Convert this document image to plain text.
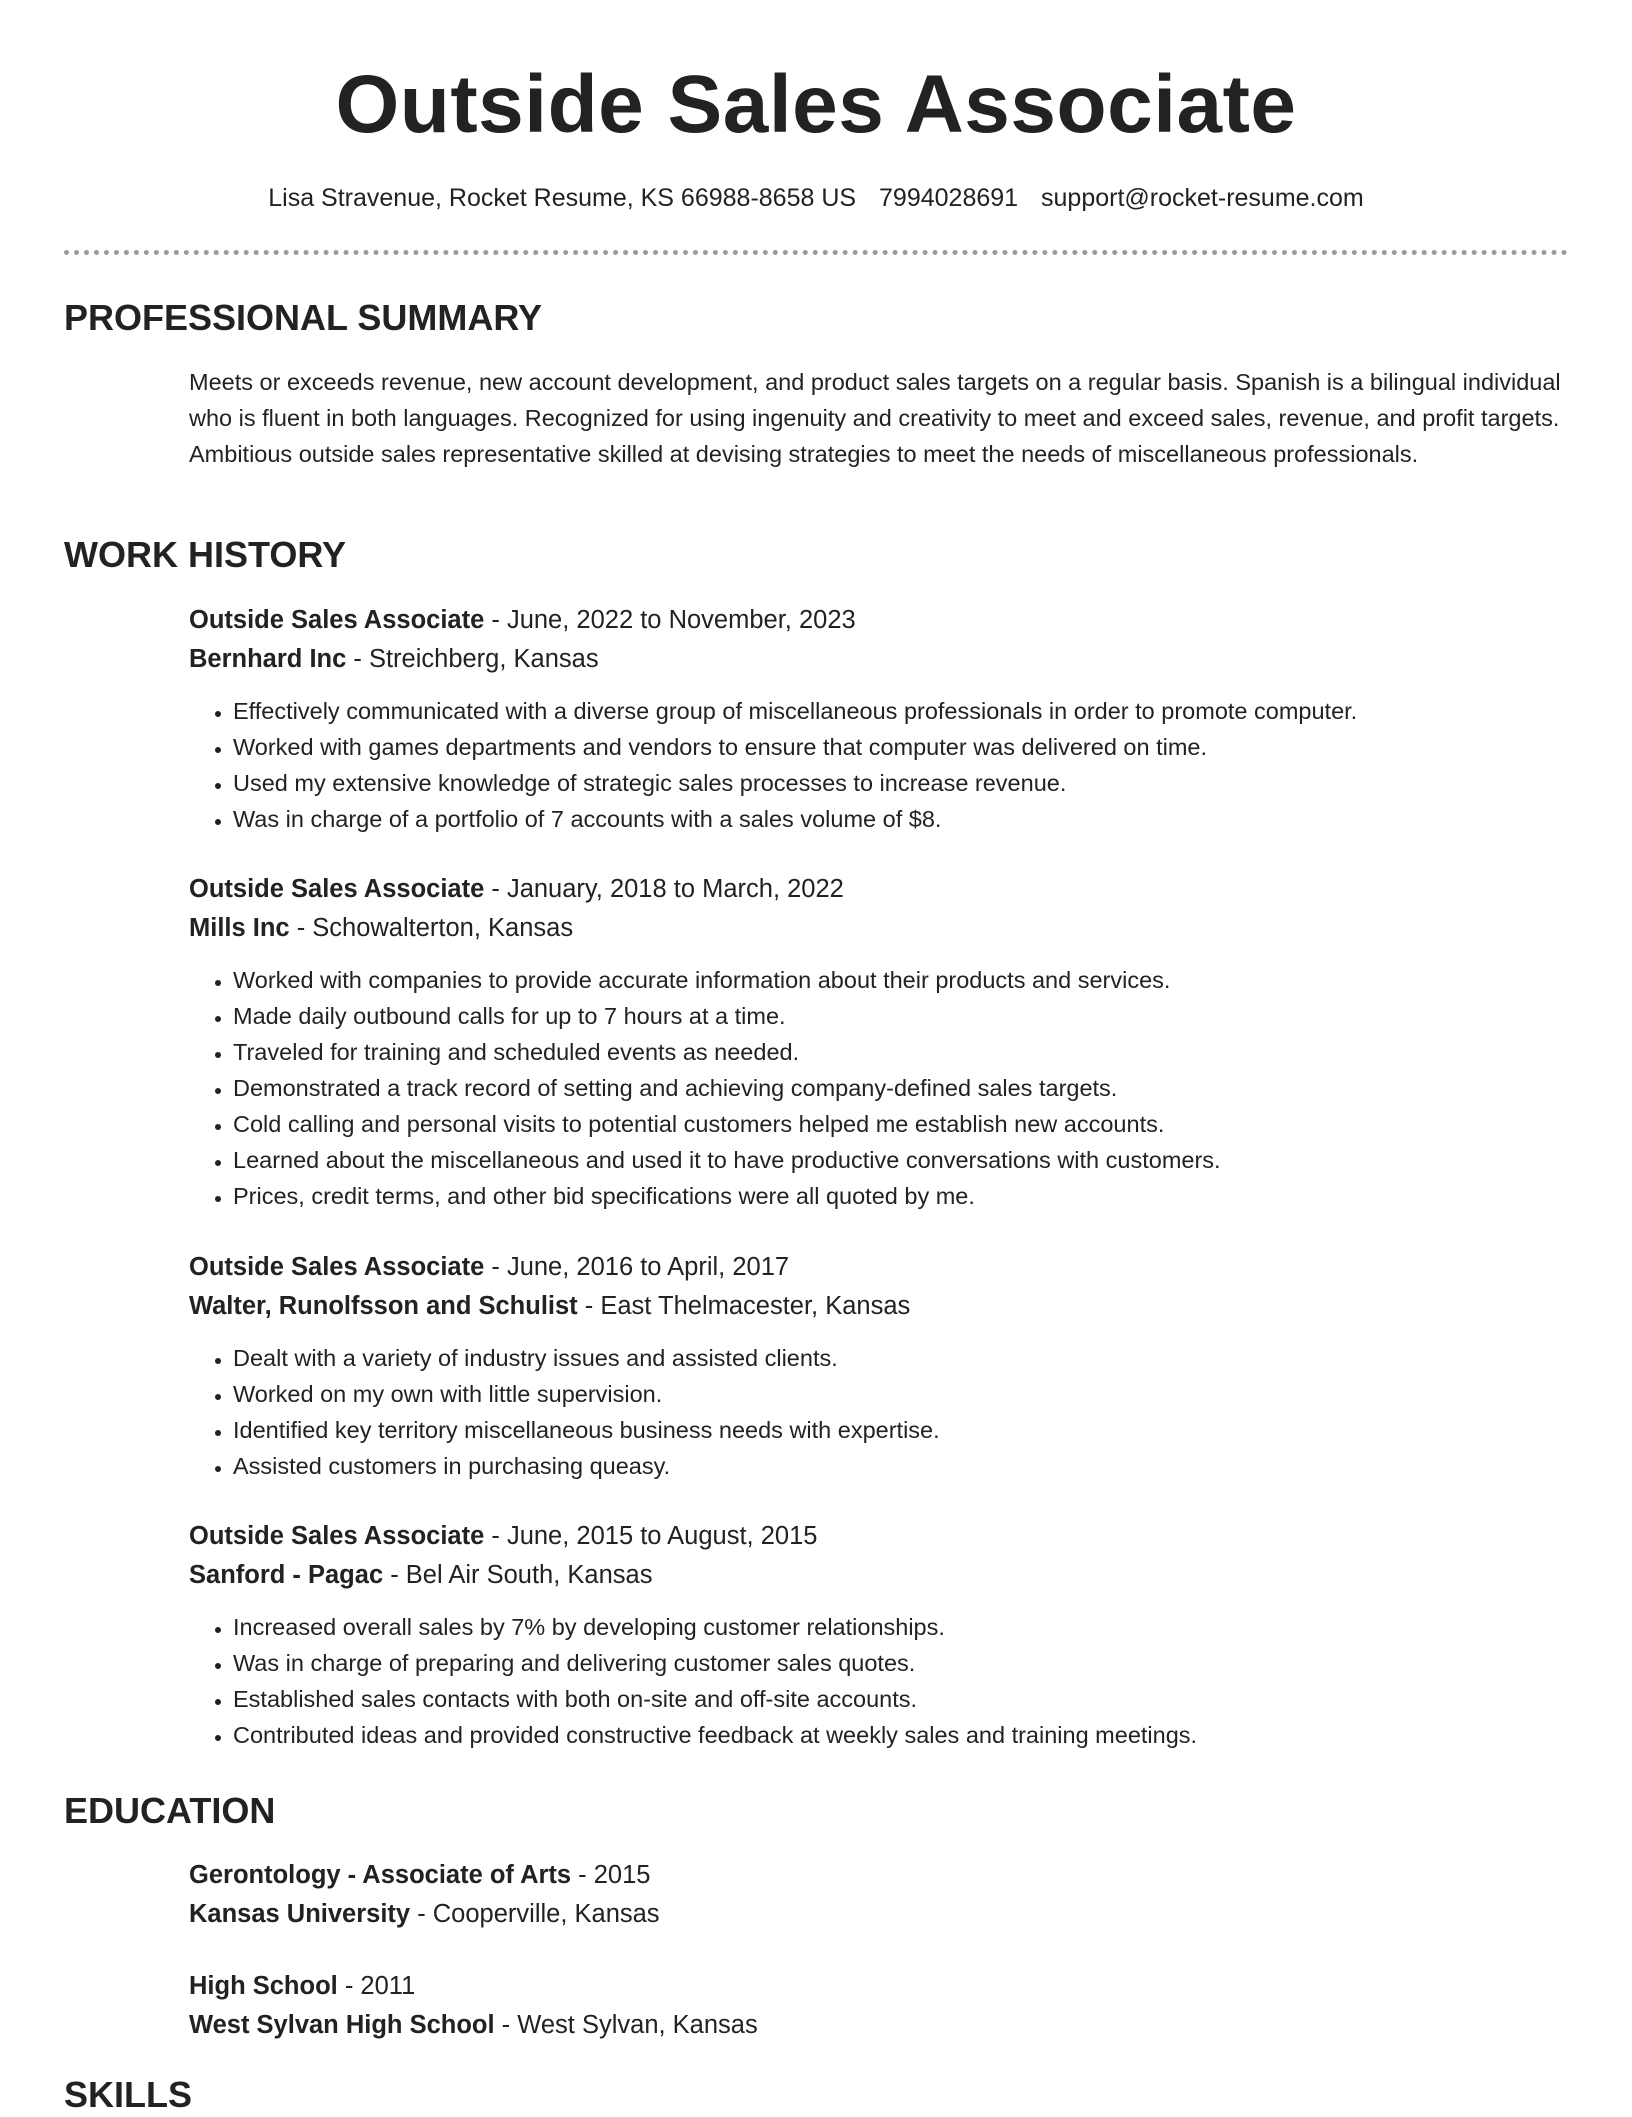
Outside Sales Associate
Lisa Stravenue, Rocket Resume, KS 66988-8658 US 7994028691 support@rocket-resume.com
PROFESSIONAL SUMMARY

Meets or exceeds revenue, new account development, and product sales targets on a regular basis. Spanish is a bilingual individual who is fluent in both languages. Recognized for using ingenuity and creativity to meet and exceed sales, revenue, and profit targets. Ambitious outside sales representative skilled at devising strategies to meet the needs of miscellaneous professionals.

WORK HISTORY

Outside Sales Associate - June, 2022 to November, 2023

Bernhard Inc - Streichberg, Kansas
• Effectively communicated with a diverse group of miscellaneous professionals in order to promote computer.
• Worked with games departments and vendors to ensure that computer was delivered on time.
• Used my extensive knowledge of strategic sales processes to increase revenue.
• Was in charge of a portfolio of 7 accounts with a sales volume of $8.

Outside Sales Associate - January, 2018 to March, 2022

Mills Inc - Schowalterton, Kansas
• Worked with companies to provide accurate information about their products and services.
• Made daily outbound calls for up to 7 hours at a time.
• Traveled for training and scheduled events as needed.
• Demonstrated a track record of setting and achieving company-defined sales targets.
• Cold calling and personal visits to potential customers helped me establish new accounts.
• Learned about the miscellaneous and used it to have productive conversations with customers.
• Prices, credit terms, and other bid specifications were all quoted by me.

Outside Sales Associate - June, 2016 to April, 2017

Walter, Runolfsson and Schulist - East Thelmacester, Kansas
• Dealt with a variety of industry issues and assisted clients.
• Worked on my own with little supervision.
• Identified key territory miscellaneous business needs with expertise.
• Assisted customers in purchasing queasy.

Outside Sales Associate - June, 2015 to August, 2015

Sanford - Pagac - Bel Air South, Kansas
• Increased overall sales by 7% by developing customer relationships.
• Was in charge of preparing and delivering customer sales quotes.
• Established sales contacts with both on-site and off-site accounts.
• Contributed ideas and provided constructive feedback at weekly sales and training meetings.
EDUCATION

Gerontology - Associate of Arts - 2015

Kansas University - Cooperville, Kansas

High School - 2011

West Sylvan High School - West Sylvan, Kansas
SKILLS
